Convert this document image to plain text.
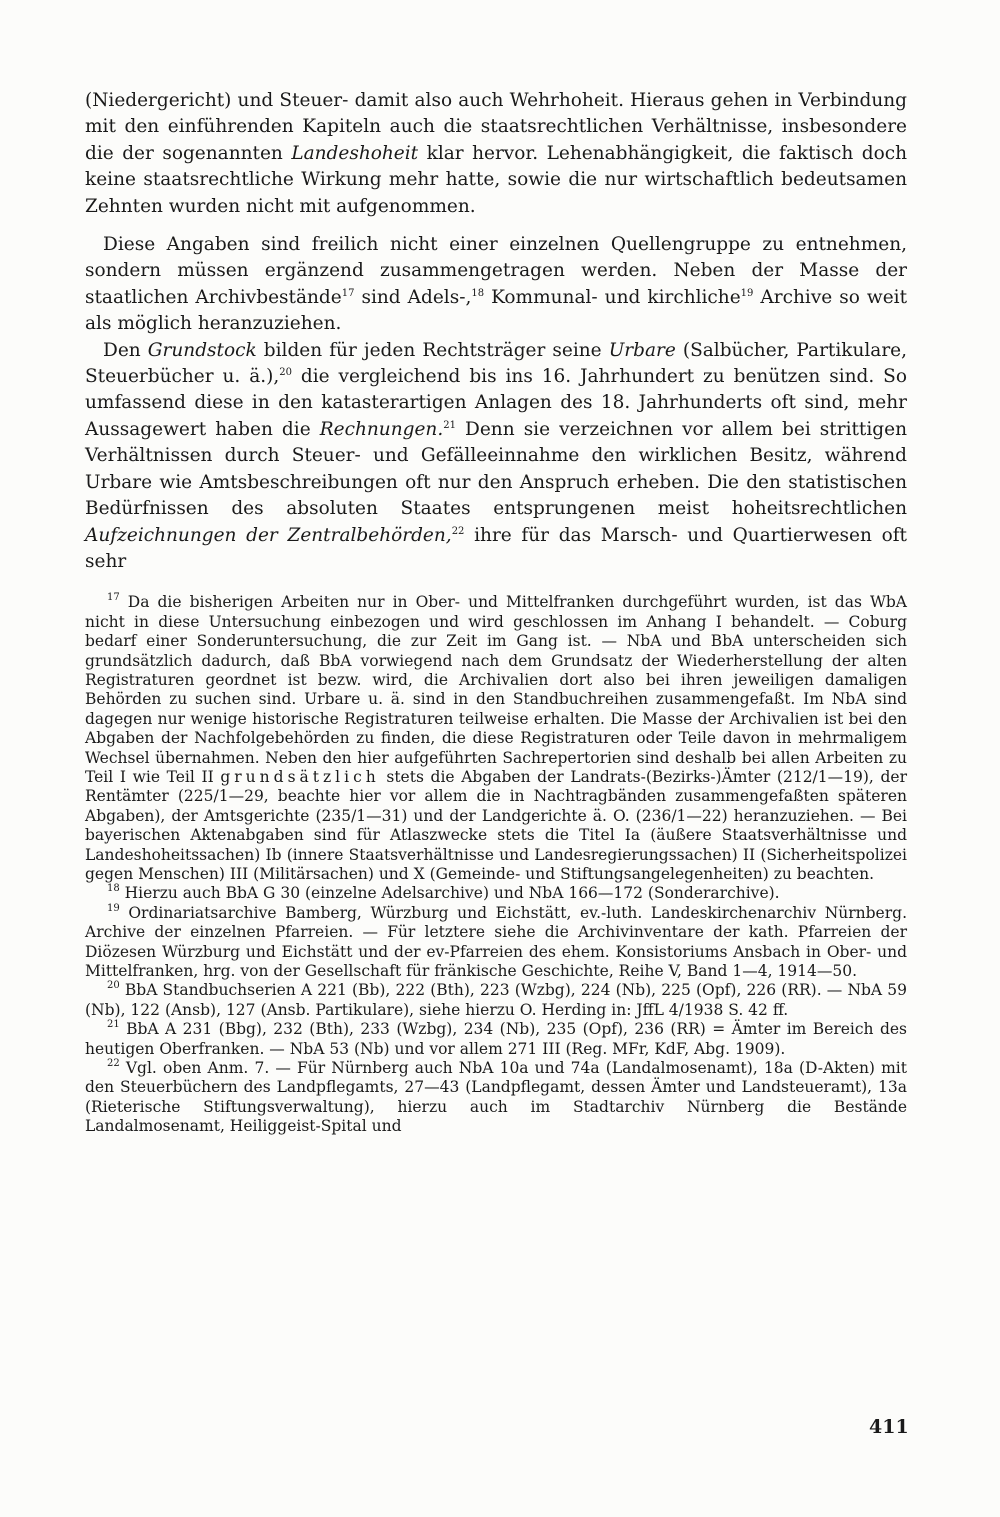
(Niedergericht) und Steuer- damit also auch Wehrhoheit. Hieraus gehen in Verbindung mit den einführenden Kapiteln auch die staatsrechtlichen Verhältnisse, insbesondere die der sogenannten Landeshoheit klar hervor. Lehenabhängigkeit, die faktisch doch keine staatsrechtliche Wirkung mehr hatte, sowie die nur wirtschaftlich bedeutsamen Zehnten wurden nicht mit aufgenommen.

Diese Angaben sind freilich nicht einer einzelnen Quellengruppe zu entnehmen, sondern müssen ergänzend zusammengetragen werden. Neben der Masse der staatlichen Archivbestände$^{17}$ sind Adels-,$^{18}$ Kommunal- und kirchliche$^{19}$ Archive so weit als möglich heranzuziehen.

Den Grundstock bilden für jeden Rechtsträger seine Urbare (Salbücher, Partikulare, Steuerbücher u. ä.),$^{20}$ die vergleichend bis ins 16. Jahrhundert zu benützen sind. So umfassend diese in den katasterartigen Anlagen des 18. Jahrhunderts oft sind, mehr Aussagewert haben die Rechnungen.$^{21}$ Denn sie verzeichnen vor allem bei strittigen Verhältnissen durch Steuer- und Gefälleeinnahme den wirklichen Besitz, während Urbare wie Amtsbeschreibungen oft nur den Anspruch erheben. Die den statistischen Bedürfnissen des absoluten Staates entsprungenen meist hoheitsrechtlichen Aufzeichnungen der Zentralbehörden,$^{22}$ ihre für das Marsch- und Quartierwesen oft sehr

$^{17}$ Da die bisherigen Arbeiten nur in Ober- und Mittelfranken durchgeführt wurden, ist das WbA nicht in diese Untersuchung einbezogen und wird geschlossen im Anhang I behandelt. — Coburg bedarf einer Sonderuntersuchung, die zur Zeit im Gang ist. — NbA und BbA unterscheiden sich grundsätzlich dadurch, daß BbA vorwiegend nach dem Grundsatz der Wiederherstellung der alten Registraturen geordnet ist bezw. wird, die Archivalien dort also bei ihren jeweiligen damaligen Behörden zu suchen sind. Urbare u. ä. sind in den Standbuchreihen zusammengefaßt. Im NbA sind dagegen nur wenige historische Registraturen teilweise erhalten. Die Masse der Archivalien ist bei den Abgaben der Nachfolgebehörden zu finden, die diese Registraturen oder Teile davon in mehrmaligem Wechsel übernahmen. Neben den hier aufgeführten Sachrepertorien sind deshalb bei allen Arbeiten zu Teil I wie Teil II grundsätzlich stets die Abgaben der Landrats-(Bezirks-)Ämter (212/1—19), der Rentämter (225/1—29, beachte hier vor allem die in Nachtragbänden zusammengefaßten späteren Abgaben), der Amtsgerichte (235/1—31) und der Landgerichte ä. O. (236/1—22) heranzuziehen. — Bei bayerischen Aktenabgaben sind für Atlaszwecke stets die Titel Ia (äußere Staatsverhältnisse und Landeshoheitssachen) Ib (innere Staatsverhältnisse und Landesregierungssachen) II (Sicherheitspolizei gegen Menschen) III (Militärsachen) und X (Gemeinde- und Stiftungsangelegenheiten) zu beachten.

$^{18}$ Hierzu auch BbA G 30 (einzelne Adelsarchive) und NbA 166—172 (Sonderarchive).

$^{19}$ Ordinariatsarchive Bamberg, Würzburg und Eichstätt, ev.-luth. Landeskirchenarchiv Nürnberg. Archive der einzelnen Pfarreien. — Für letztere siehe die Archivinventare der kath. Pfarreien der Diözesen Würzburg und Eichstätt und der ev-Pfarreien des ehem. Konsistoriums Ansbach in Ober- und Mittelfranken, hrg. von der Gesellschaft für fränkische Geschichte, Reihe V, Band 1—4, 1914—50.

$^{20}$ BbA Standbuchserien A 221 (Bb), 222 (Bth), 223 (Wzbg), 224 (Nb), 225 (Opf), 226 (RR). — NbA 59 (Nb), 122 (Ansb), 127 (Ansb. Partikulare), siehe hierzu O. Herding in: JffL 4/1938 S. 42 ff.

$^{21}$ BbA A 231 (Bbg), 232 (Bth), 233 (Wzbg), 234 (Nb), 235 (Opf), 236 (RR) = Ämter im Bereich des heutigen Oberfranken. — NbA 53 (Nb) und vor allem 271 III (Reg. MFr, KdF, Abg. 1909).

$^{22}$ Vgl. oben Anm. 7. — Für Nürnberg auch NbA 10a und 74a (Landalmosenamt), 18a (D-Akten) mit den Steuerbüchern des Landpflegamts, 27—43 (Landpflegamt, dessen Ämter und Landsteueramt), 13a (Rieterische Stiftungsverwaltung), hierzu auch im Stadtarchiv Nürnberg die Bestände Landalmosenamt, Heiliggeist-Spital und

411
